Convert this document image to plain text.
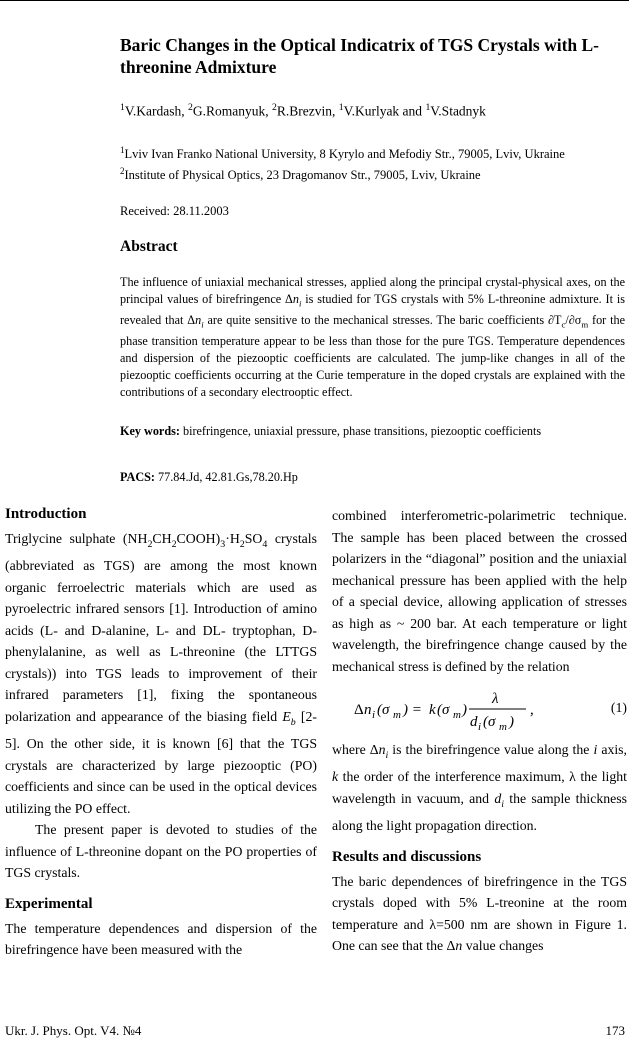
Baric Changes in the Optical Indicatrix of TGS Crystals with L-threonine Admixture
$^1$V.Kardash, $^2$G.Romanyuk, $^2$R.Brezvin, $^1$V.Kurlyak and $^1$V.Stadnyk
$^1$Lviv Ivan Franko National University, 8 Kyrylo and Mefodiy Str., 79005, Lviv, Ukraine
$^2$Institute of Physical Optics, 23 Dragomanov Str., 79005, Lviv, Ukraine
Received: 28.11.2003
Abstract
The influence of uniaxial mechanical stresses, applied along the principal crystal-physical axes, on the principal values of birefringence $\Delta n_i$ is studied for TGS crystals with 5% L-threonine admixture. It is revealed that $\Delta n_i$ are quite sensitive to the mechanical stresses. The baric coefficients $\partial T_c/\partial\sigma_m$ for the phase transition temperature appear to be less than those for the pure TGS. Temperature dependences and dispersion of the piezooptic coefficients are calculated. The jump-like changes in all of the piezooptic coefficients occurring at the Curie temperature in the doped crystals are explained with the contributions of a secondary electrooptic effect.
Key words: birefringence, uniaxial pressure, phase transitions, piezooptic coefficients
PACS: 77.84.Jd, 42.81.Gs,78.20.Hp

Introduction

Triglycine sulphate $(NH_2CH_2COOH)_3\cdot H_2SO_4$ crystals (abbreviated as TGS) are among the most known organic ferroelectric materials which are used as pyroelectric infrared sensors [1]. Introduction of amino acids (L- and D-alanine, L- and DL- tryptophan, D-phenylalanine, as well as L-threonine (the LTTGS crystals)) into TGS leads to improvement of their infrared parameters [1], fixing the spontaneous polarization and appearance of the biasing field $E_b$ [2-5]. On the other side, it is known [6] that the TGS crystals are characterized by large piezooptic (PO) coefficients and since can be used in the optical devices utilizing the PO effect.

The present paper is devoted to studies of the influence of L-threonine dopant on the PO properties of TGS crystals.

Experimental

The temperature dependences and dispersion of the birefringence have been measured with the

combined interferometric-polarimetric technique. The sample has been placed between the crossed polarizers in the “diagonal” position and the uniaxial mechanical pressure has been applied with the help of a special device, allowing application of stresses as high as ~ 200 bar. At each temperature or light wavelength, the birefringence change caused by the mechanical stress is defined by the relation

Δ n i (σ m ) = k (σ m )
λ
d i (σ m )
,	(1)

where $\Delta n_i$ is the birefringence value along the i axis, k the order of the interference maximum, λ the light wavelength in vacuum, and $d_i$ the sample thickness along the light propagation direction.

Results and discussions

The baric dependences of birefringence in the TGS crystals doped with 5% L-treonine at the room temperature and λ=500 nm are shown in Figure 1. One can see that the Δn value changes

Ukr. J. Phys. Opt. V4. №4	173
